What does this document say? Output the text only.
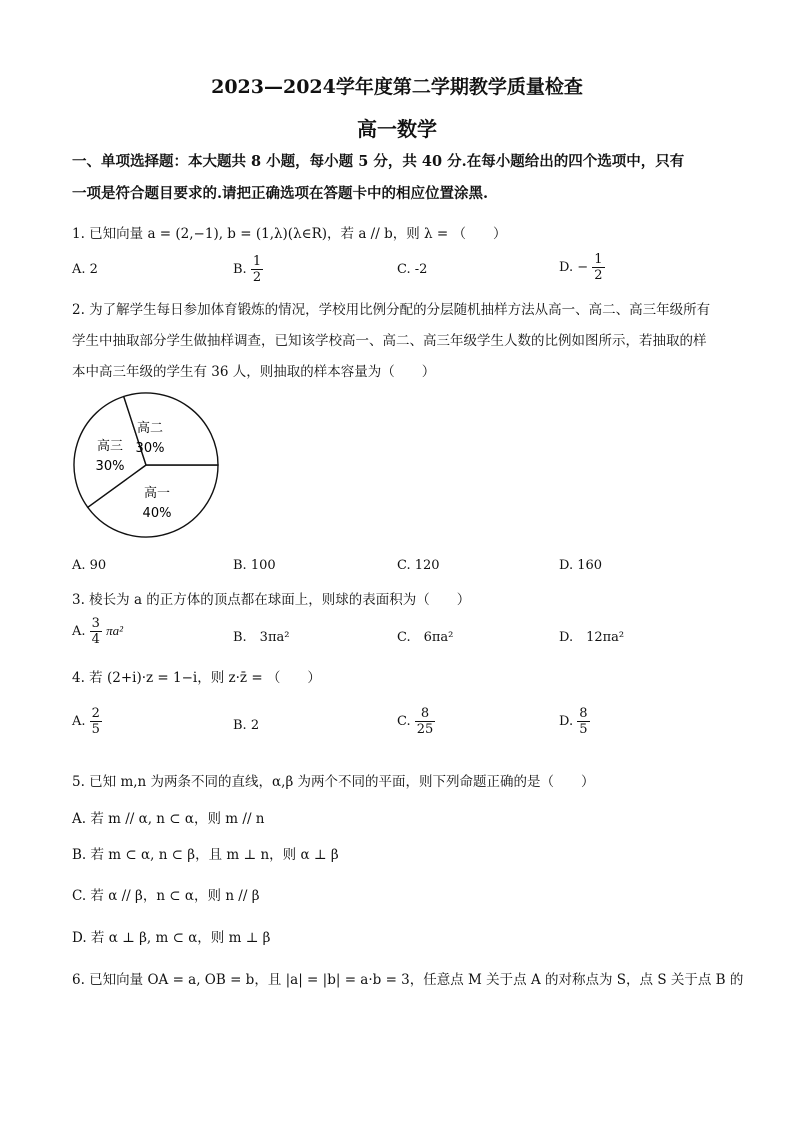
2023—2024学年度第二学期教学质量检查
高一数学
一、单项选择题：本大题共 8 小题，每小题 5 分，共 40 分.在每小题给出的四个选项中，只有
一项是符合题目要求的.请把正确选项在答题卡中的相应位置涂黑.
1. 已知向量 a = (2,−1), b = (1,λ)(λ∈R)，若 a // b，则 λ = （　　）
A. 2	B. $\frac{1}{2}$	C. -2	D. − $\frac{1}{2}$
2. 为了解学生每日参加体育锻炼的情况，学校用比例分配的分层随机抽样方法从高一、高二、高三年级所有
学生中抽取部分学生做抽样调查，已知该学校高一、高二、高三年级学生人数的比例如图所示，若抽取的样
本中高三年级的学生有 36 人，则抽取的样本容量为（　　）
高二
30%
高三
30%
高一
40%
A. 90	B. 100	C. 120	D. 160
3. 棱长为 a 的正方体的顶点都在球面上，则球的表面积为（　　）
A. $\frac{3}{4} \pi a^2$	B.　3πa²	C.　6πa²	D.　12πa²
4. 若 (2+i)·z = 1−i，则 z·z̄ = （　　）
A. $\frac{2}{5}$	B. 2	C. $\frac{8}{25}$	D. $\frac{8}{5}$
5. 已知 m,n 为两条不同的直线，α,β 为两个不同的平面，则下列命题正确的是（　　）
A. 若 m // α, n ⊂ α，则 m // n
B. 若 m ⊂ α, n ⊂ β，且 m ⊥ n，则 α ⊥ β
C. 若 α // β，n ⊂ α，则 n // β
D. 若 α ⊥ β, m ⊂ α，则 m ⊥ β
6. 已知向量 OA = a, OB = b，且 |a| = |b| = a·b = 3，任意点 M 关于点 A 的对称点为 S，点 S 关于点 B 的
